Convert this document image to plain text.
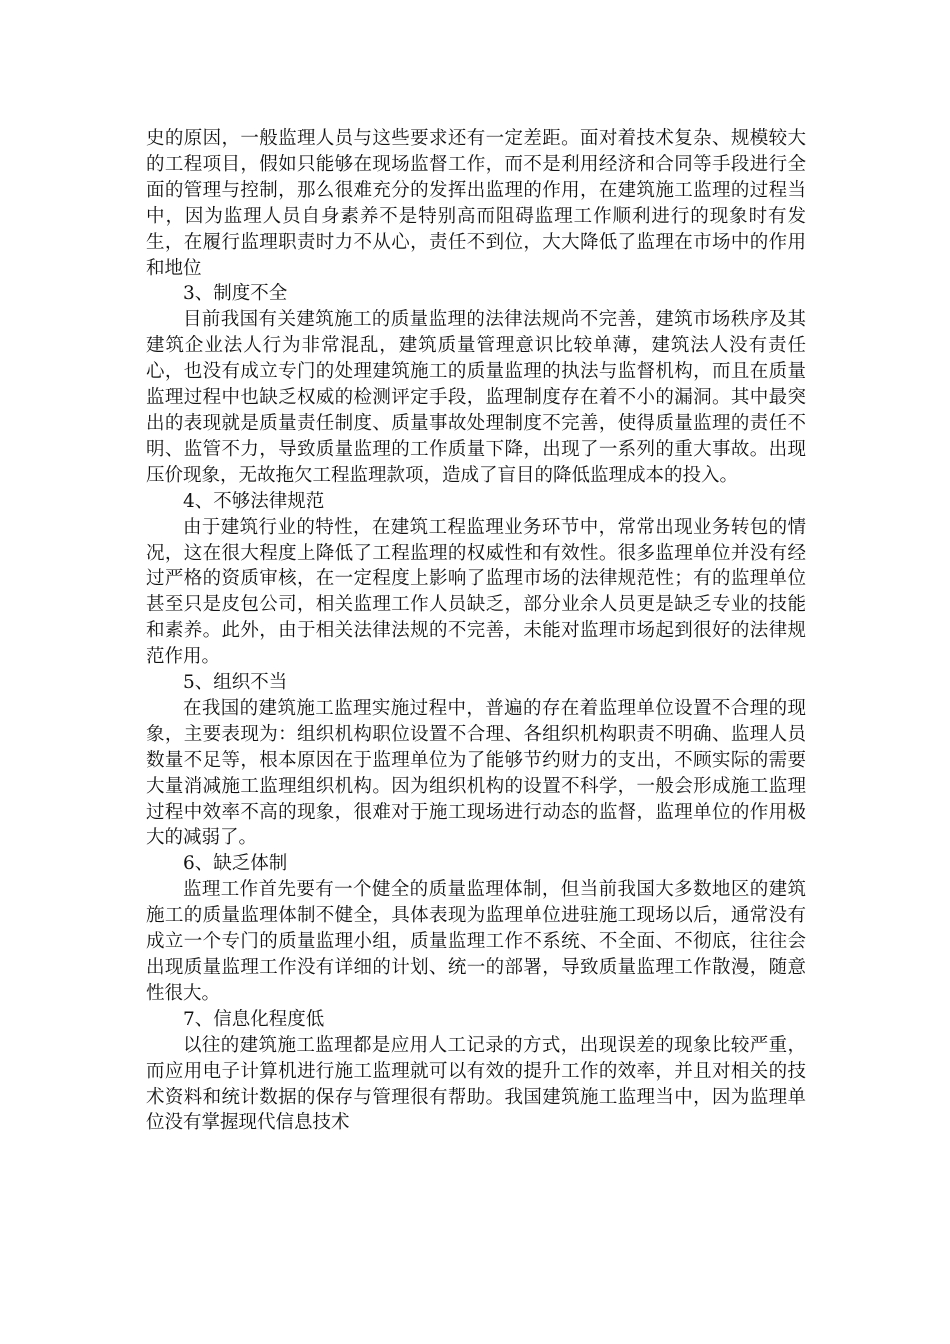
史的原因，一般监理人员与这些要求还有一定差距。面对着技术复杂、规模较大的工程项目，假如只能够在现场监督工作，而不是利用经济和合同等手段进行全面的管理与控制，那么很难充分的发挥出监理的作用，在建筑施工监理的过程当中，因为监理人员自身素养不是特别高而阻碍监理工作顺利进行的现象时有发生，在履行监理职责时力不从心，责任不到位，大大降低了监理在市场中的作用和地位

3、制度不全

目前我国有关建筑施工的质量监理的法律法规尚不完善，建筑市场秩序及其建筑企业法人行为非常混乱，建筑质量管理意识比较单薄，建筑法人没有责任心，也没有成立专门的处理建筑施工的质量监理的执法与监督机构，而且在质量监理过程中也缺乏权威的检测评定手段，监理制度存在着不小的漏洞。其中最突出的表现就是质量责任制度、质量事故处理制度不完善，使得质量监理的责任不明、监管不力，导致质量监理的工作质量下降，出现了一系列的重大事故。出现压价现象，无故拖欠工程监理款项，造成了盲目的降低监理成本的投入。

4、不够法律规范

由于建筑行业的特性，在建筑工程监理业务环节中，常常出现业务转包的情况，这在很大程度上降低了工程监理的权威性和有效性。很多监理单位并没有经过严格的资质审核，在一定程度上影响了监理市场的法律规范性；有的监理单位甚至只是皮包公司，相关监理工作人员缺乏，部分业余人员更是缺乏专业的技能和素养。此外，由于相关法律法规的不完善，未能对监理市场起到很好的法律规范作用。

5、组织不当

在我国的建筑施工监理实施过程中，普遍的存在着监理单位设置不合理的现象，主要表现为：组织机构职位设置不合理、各组织机构职责不明确、监理人员数量不足等，根本原因在于监理单位为了能够节约财力的支出，不顾实际的需要大量消减施工监理组织机构。因为组织机构的设置不科学，一般会形成施工监理过程中效率不高的现象，很难对于施工现场进行动态的监督，监理单位的作用极大的减弱了。

6、缺乏体制

监理工作首先要有一个健全的质量监理体制，但当前我国大多数地区的建筑施工的质量监理体制不健全，具体表现为监理单位进驻施工现场以后，通常没有成立一个专门的质量监理小组，质量监理工作不系统、不全面、不彻底，往往会出现质量监理工作没有详细的计划、统一的部署，导致质量监理工作散漫，随意性很大。

7、信息化程度低

以往的建筑施工监理都是应用人工记录的方式，出现误差的现象比较严重，而应用电子计算机进行施工监理就可以有效的提升工作的效率，并且对相关的技术资料和统计数据的保存与管理很有帮助。我国建筑施工监理当中，因为监理单位没有掌握现代信息技术
